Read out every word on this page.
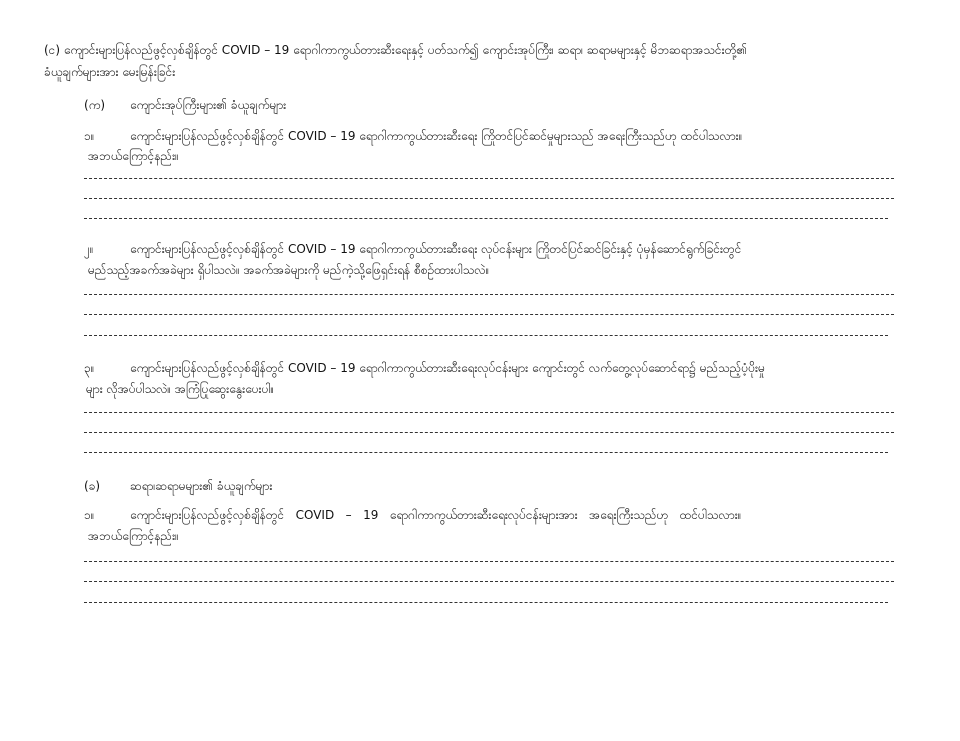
(င) ကျောင်းများပြန်လည်ဖွင့်လှစ်ချိန်တွင် COVID – 19 ရောဂါကာကွယ်တားဆီးရေးနှင့် ပတ်သက်၍ ကျောင်းအုပ်ကြီး၊ ဆရာ၊ ဆရာမများနှင့် မိဘဆရာအသင်းတို့၏
ခံယူချက်များအား မေးမြန်းခြင်း
(က) ကျောင်းအုပ်ကြီးများ၏ ခံယူချက်များ
၁။	ကျောင်းများပြန်လည်ဖွင့်လှစ်ချိန်တွင် COVID – 19 ရောဂါကာကွယ်တားဆီးရေး ကြိုတင်ပြင်ဆင်မှုများသည် အရေးကြီးသည်ဟု ထင်ပါသလား။
အဘယ်ကြောင့်နည်း။
၂။	ကျောင်းများပြန်လည်ဖွင့်လှစ်ချိန်တွင် COVID – 19 ရောဂါကာကွယ်တားဆီးရေး လုပ်ငန်းများ ကြိုတင်ပြင်ဆင်ခြင်းနှင့် ပုံမှန်ဆောင်ရွက်ခြင်းတွင်
မည်သည့်အခက်အခဲများ ရှိပါသလဲ။ အခက်အခဲများကို မည်ကဲ့သို့ဖြေရှင်းရန် စီစဉ်ထားပါသလဲ။
၃။	ကျောင်းများပြန်လည်ဖွင့်လှစ်ချိန်တွင် COVID – 19 ရောဂါကာကွယ်တားဆီးရေးလုပ်ငန်းများ ကျောင်းတွင် လက်တွေ့လုပ်ဆောင်ရာ၌ မည်သည့်ပံ့ပိုးမှု
များ လိုအပ်ပါသလဲ။ အကြံပြုဆွေးနွေးပေးပါ။
(ခ) ဆရာ၊ဆရာမများ၏ ခံယူချက်များ
၁။	ကျောင်းများပြန်လည်ဖွင့်လှစ်ချိန်တွင်   COVID   –   19   ရောဂါကာကွယ်တားဆီးရေးလုပ်ငန်းများအား   အရေးကြီးသည်ဟု   ထင်ပါသလား။
အဘယ်ကြောင့်နည်း။
